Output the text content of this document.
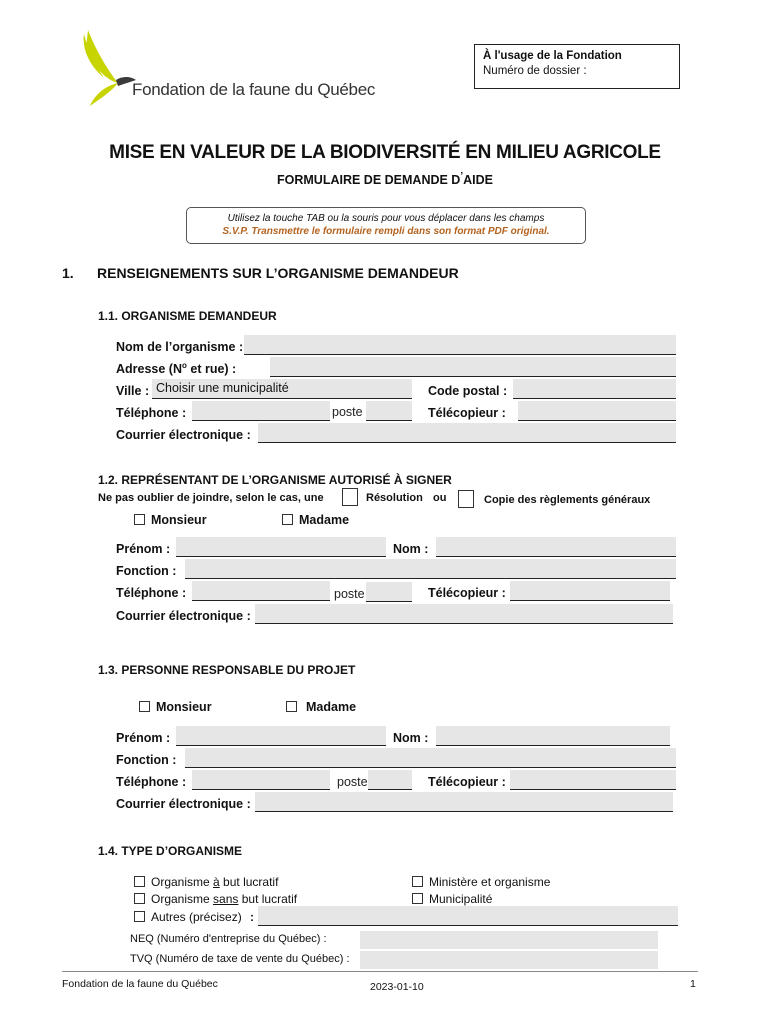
Fondation de la faune du Québec
À l'usage de la Fondation
Numéro de dossier :
MISE EN VALEUR DE LA BIODIVERSITÉ EN MILIEU AGRICOLE
FORMULAIRE DE DEMANDE D’AIDE
Utilisez la touche TAB ou la souris pour vous déplacer dans les champs
S.V.P. Transmettre le formulaire rempli dans son format PDF original.
1. RENSEIGNEMENTS SUR L’ORGANISME DEMANDEUR
1.1. ORGANISME DEMANDEUR
Nom de l’organisme :
Adresse ($N^o$ et rue) :
Ville : Choisir une municipalité	Code postal :
Téléphone :	poste	Télécopieur :
Courrier électronique :
1.2. REPRÉSENTANT DE L’ORGANISME AUTORISÉ À SIGNER
Ne pas oublier de joindre, selon le cas, une	Résolution ou	Copie des règlements généraux
Monsieur	Madame
Prénom :	Nom :
Fonction :
Téléphone :	poste	Télécopieur :
Courrier électronique :
1.3. PERSONNE RESPONSABLE DU PROJET
Monsieur	Madame
Prénom :	Nom :
Fonction :
Téléphone :	poste	Télécopieur :
Courrier électronique :
1.4. TYPE D’ORGANISME
Organisme à but lucratif
Organisme sans but lucratif
Autres (précisez) :
Ministère et organisme
Municipalité
NEQ (Numéro d'entreprise du Québec) :
TVQ (Numéro de taxe de vente du Québec) :
Fondation de la faune du Québec	2023-01-10	1
